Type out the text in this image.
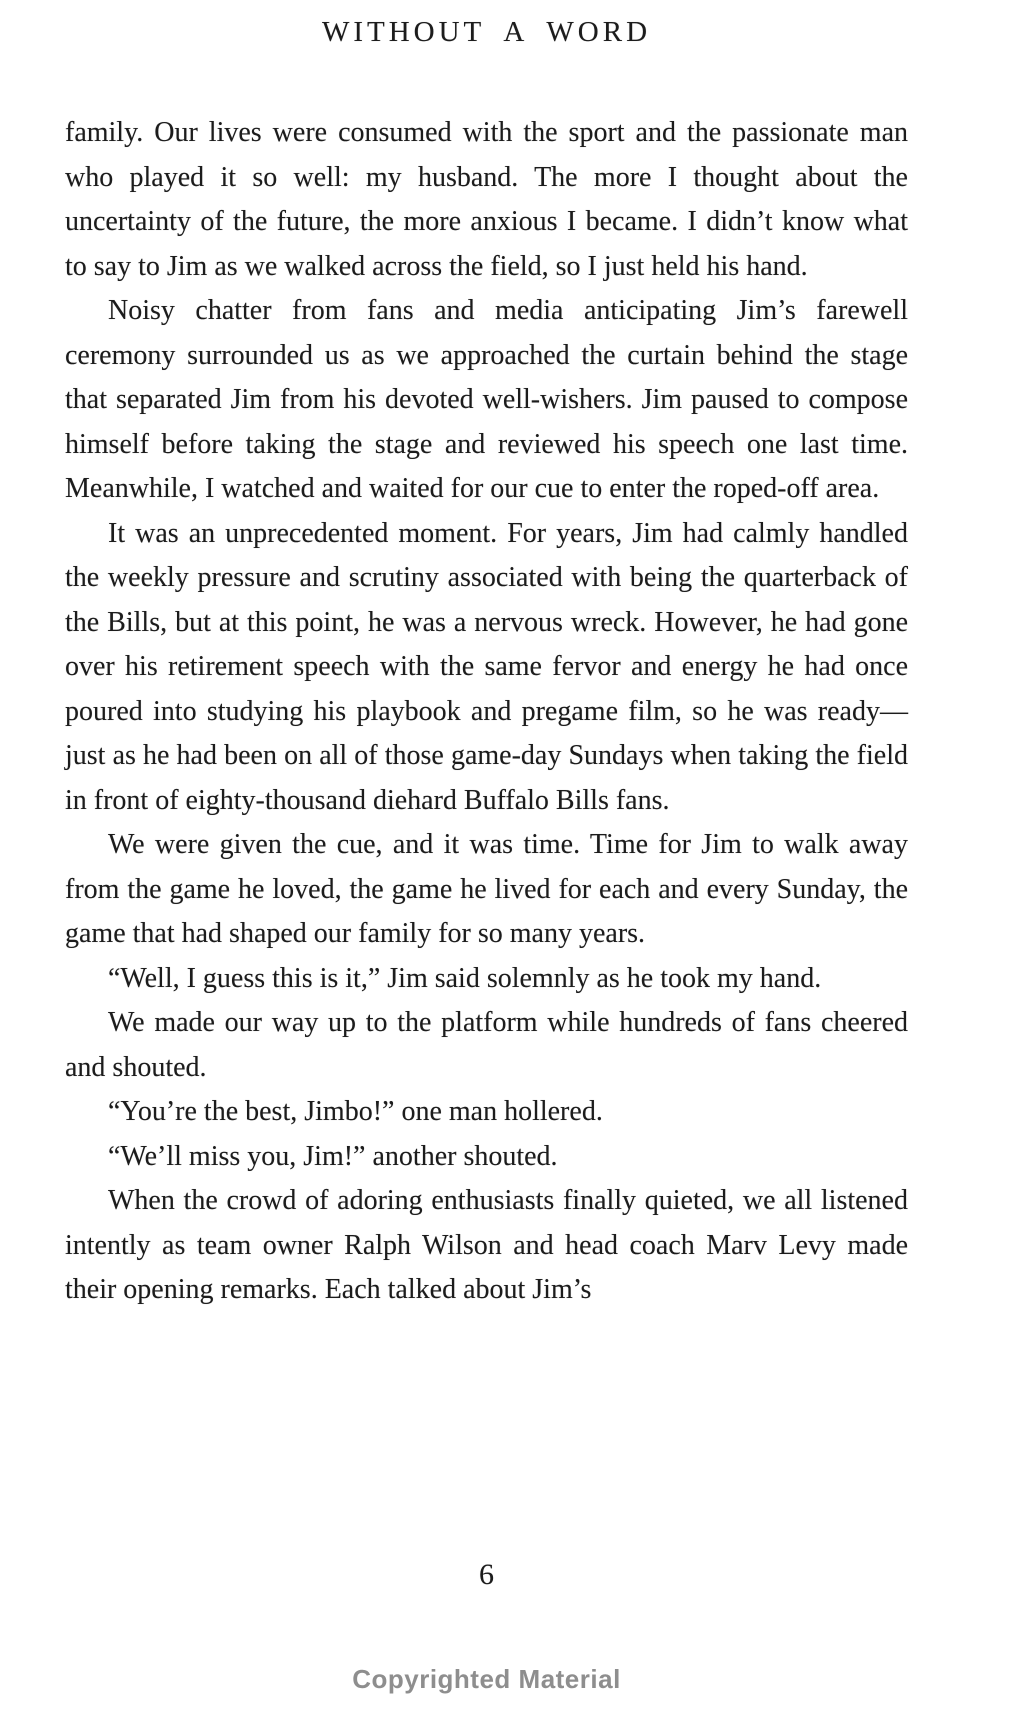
WITHOUT A WORD

family. Our lives were consumed with the sport and the passionate man who played it so well: my husband. The more I thought about the uncertainty of the future, the more anxious I became. I didn’t know what to say to Jim as we walked across the field, so I just held his hand.

Noisy chatter from fans and media anticipating Jim’s farewell ceremony surrounded us as we approached the curtain behind the stage that separated Jim from his devoted well-wishers. Jim paused to compose himself before taking the stage and reviewed his speech one last time. Meanwhile, I watched and waited for our cue to enter the roped-off area.

It was an unprecedented moment. For years, Jim had calmly handled the weekly pressure and scrutiny associated with being the quarterback of the Bills, but at this point, he was a nervous wreck. However, he had gone over his retirement speech with the same fervor and energy he had once poured into studying his playbook and pregame film, so he was ready—just as he had been on all of those game-day Sundays when taking the field in front of eighty-thousand diehard Buffalo Bills fans.

We were given the cue, and it was time. Time for Jim to walk away from the game he loved, the game he lived for each and every Sunday, the game that had shaped our family for so many years.

“Well, I guess this is it,” Jim said solemnly as he took my hand.

We made our way up to the platform while hundreds of fans cheered and shouted.

“You’re the best, Jimbo!” one man hollered.

“We’ll miss you, Jim!” another shouted.

When the crowd of adoring enthusiasts finally quieted, we all listened intently as team owner Ralph Wilson and head coach Marv Levy made their opening remarks. Each talked about Jim’s

6
Copyrighted Material
